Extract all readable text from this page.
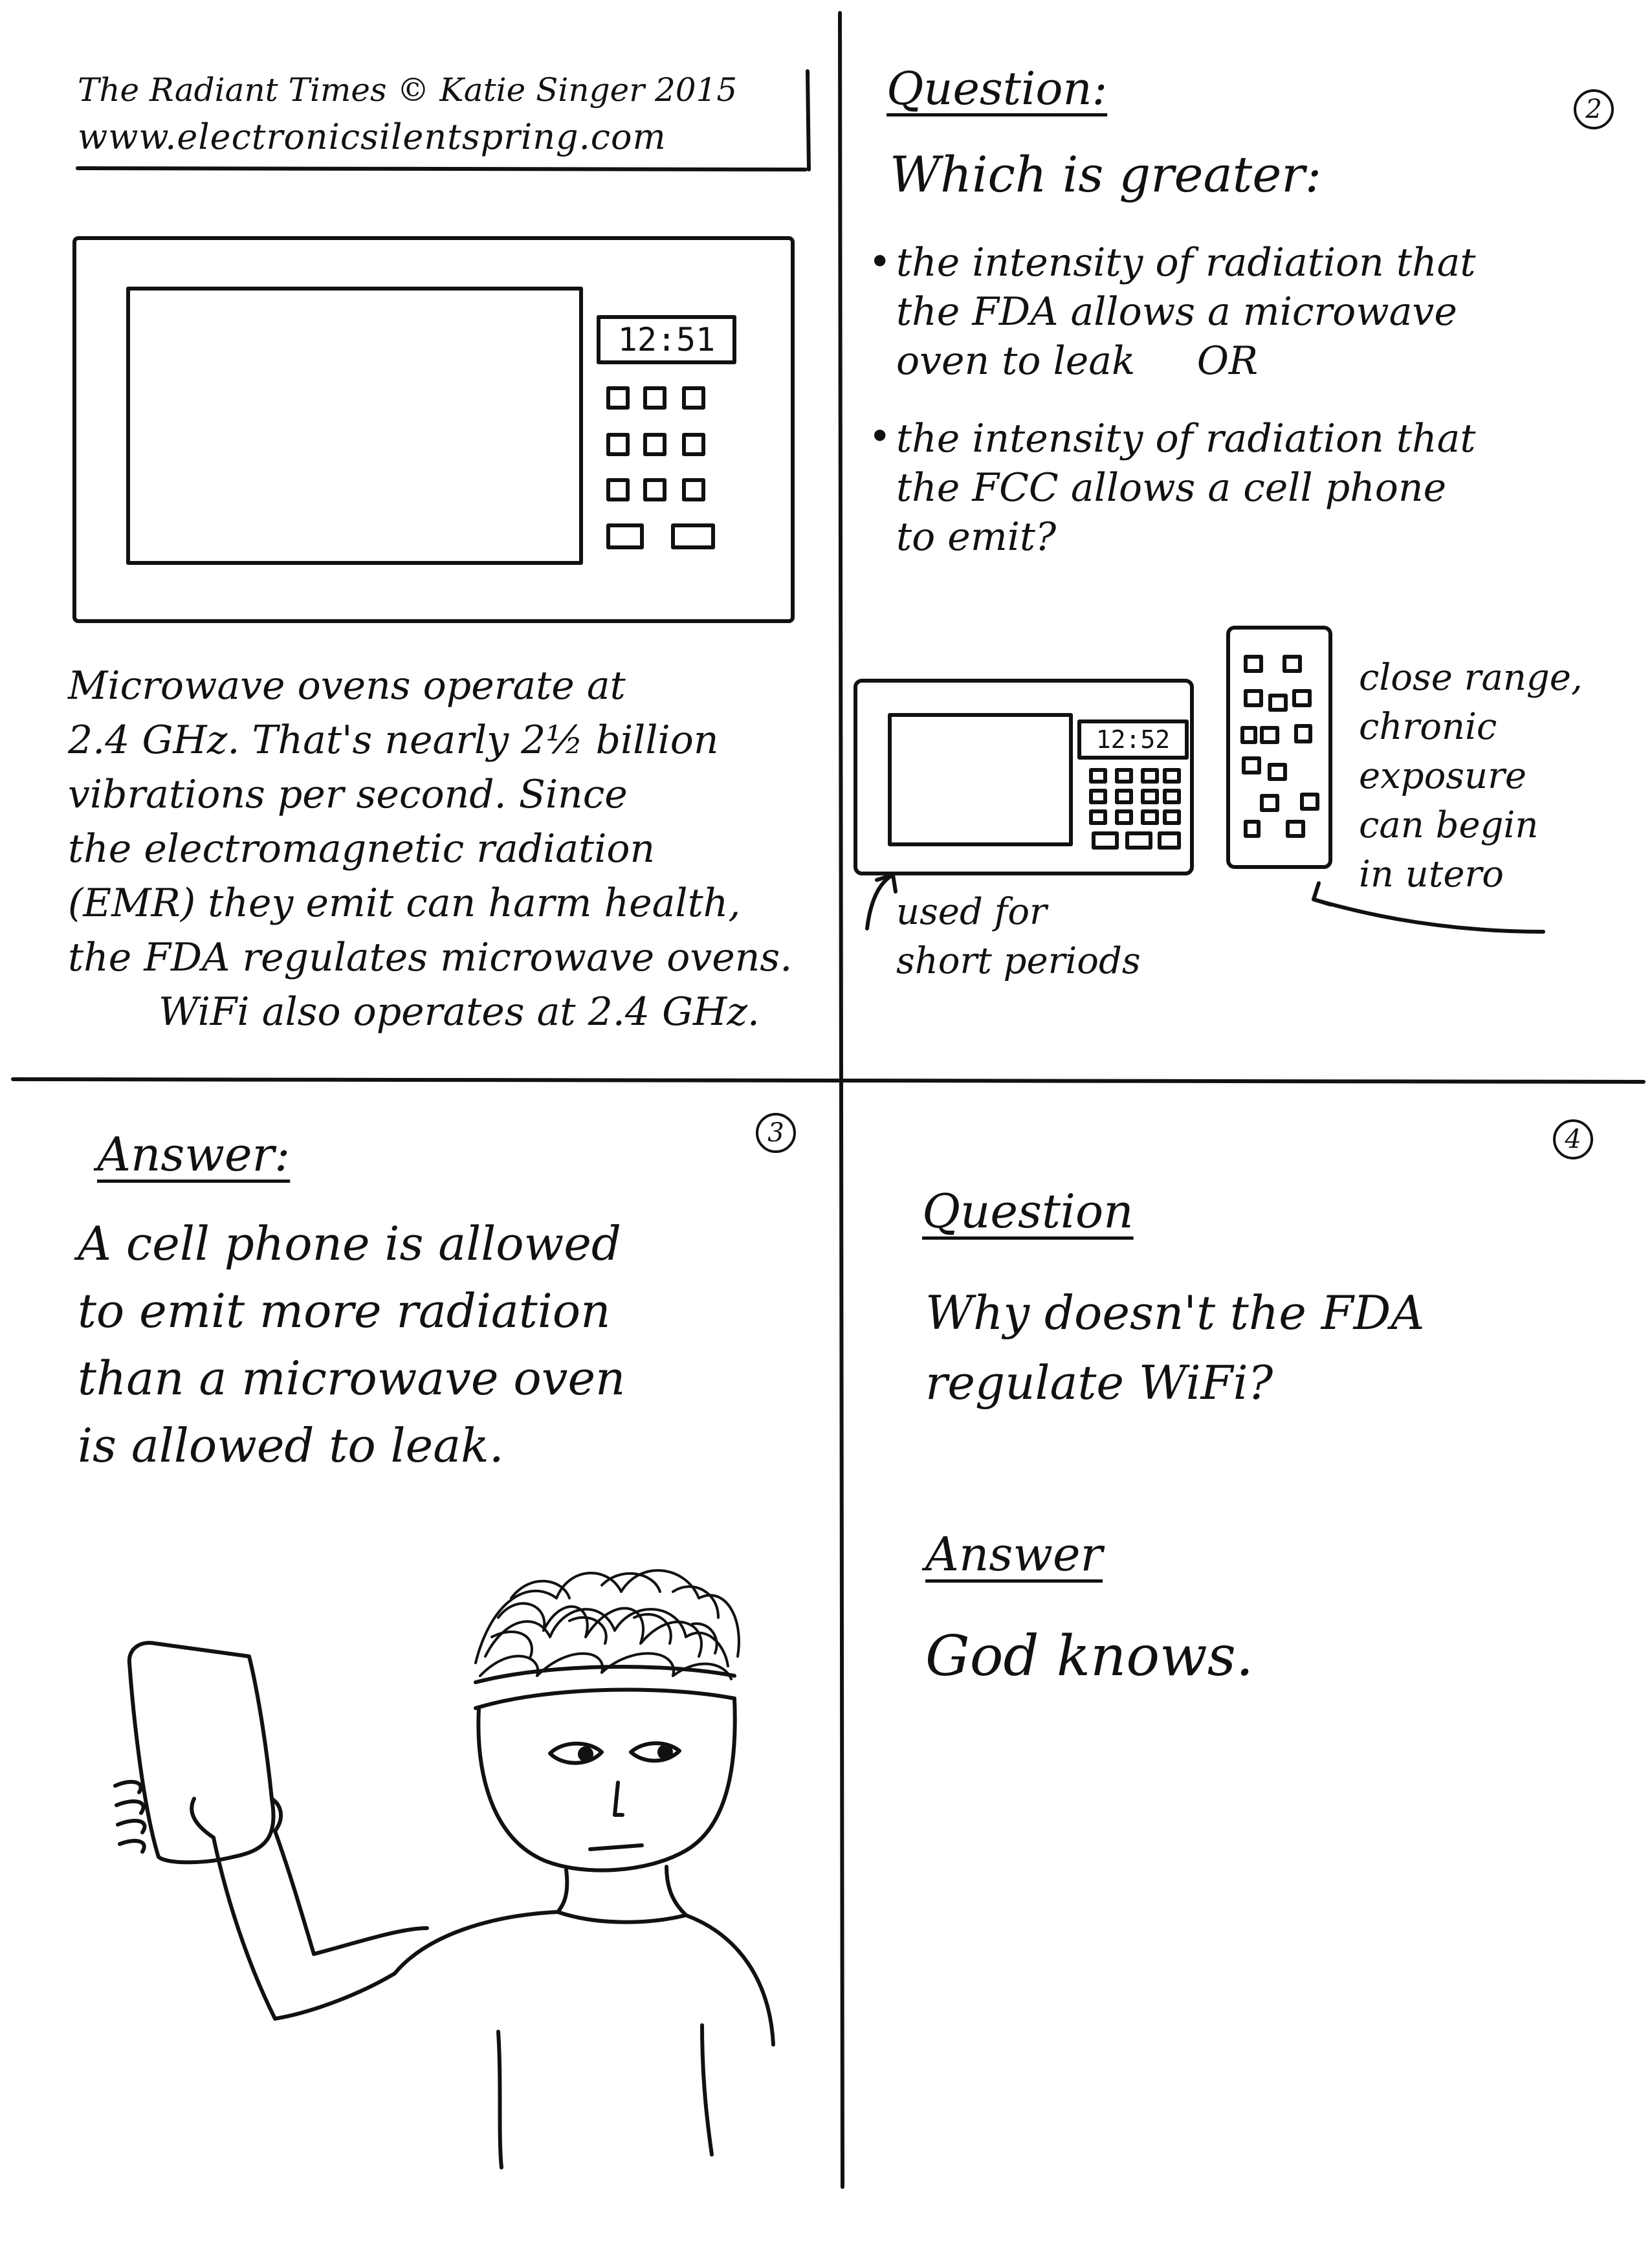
The Radiant Times © Katie Singer 2015
www.electronicsilentspring.com
12:51
Microwave ovens operate at
2.4 GHz. That's nearly 2½ billion
vibrations per second. Since
the electromagnetic radiation
(EMR) they emit can harm health,
the FDA regulates microwave ovens.
WiFi also operates at 2.4 GHz.
2
Question:
Which is greater:
• the intensity of radiation that
the FDA allows a microwave
oven to leak     OR
• the intensity of radiation that
the FCC allows a cell phone
to emit?
12:52
used for
short periods
close range,
chronic
exposure
can begin
in utero
3
Answer:
A cell phone is allowed
to emit more radiation
than a microwave oven
is allowed to leak.
4
Question
Why doesn't the FDA
regulate WiFi?
Answer
God knows.
